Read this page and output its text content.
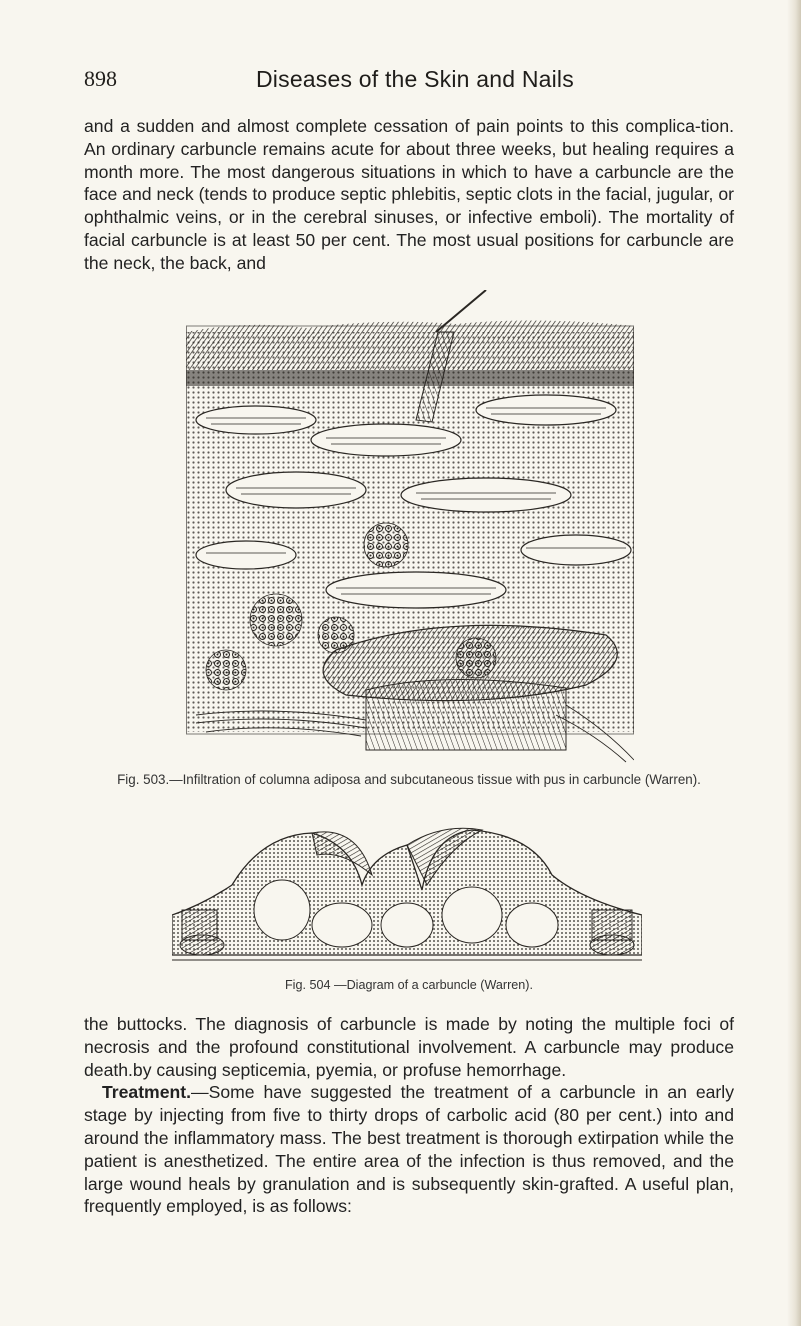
898	Diseases of the Skin and Nails

and a sudden and almost complete cessation of pain points to this complica-tion. An ordinary carbuncle remains acute for about three weeks, but healing requires a month more. The most dangerous situations in which to have a carbuncle are the face and neck (tends to produce septic phlebitis, septic clots in the facial, jugular, or ophthalmic veins, or in the cerebral sinuses, or infective emboli). The mortality of facial carbuncle is at least 50 per cent. The most usual positions for carbuncle are the neck, the back, and

Fig. 503.—Infiltration of columna adiposa and subcutaneous tissue with pus in carbuncle (Warren).
Fig. 504 —Diagram of a carbuncle (Warren).

the buttocks. The diagnosis of carbuncle is made by noting the multiple foci of necrosis and the profound constitutional involvement. A carbuncle may produce death.by causing septicemia, pyemia, or profuse hemorrhage.

Treatment.—Some have suggested the treatment of a carbuncle in an early stage by injecting from five to thirty drops of carbolic acid (80 per cent.) into and around the inflammatory mass. The best treatment is thorough extirpation while the patient is anesthetized. The entire area of the infection is thus removed, and the large wound heals by granulation and is subsequently skin-grafted. A useful plan, frequently employed, is as follows:
